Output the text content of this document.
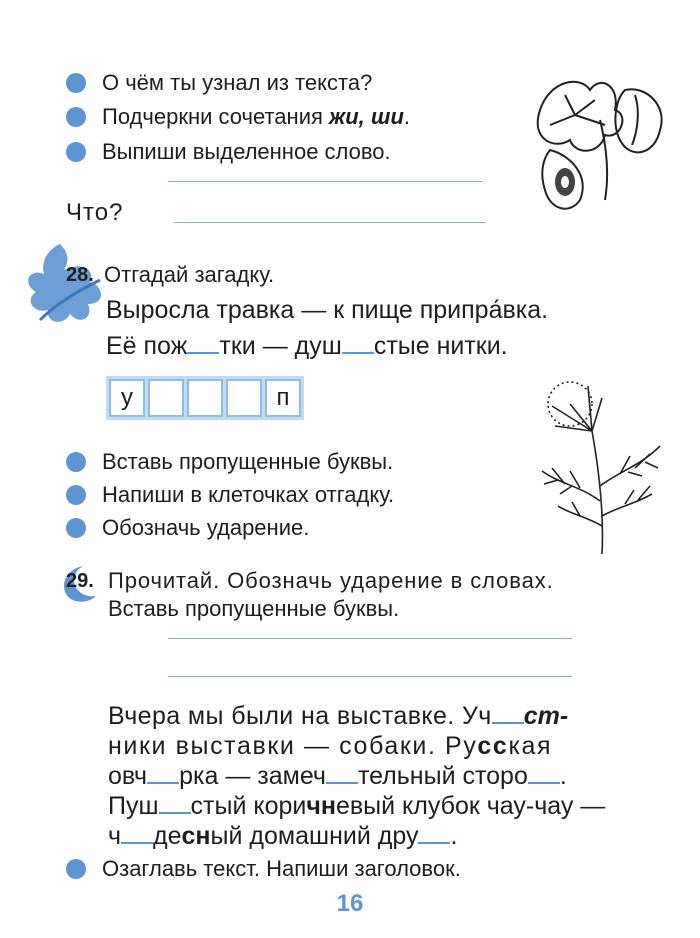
О чём ты узнал из текста?
Подчеркни сочетания жи, ши.
Выпиши выделенное слово.
Что?
28. Отгадай загадку.
Выросла травка — к пище припра́вка.
Её пож тки — душ стые нитки.
у	п
Вставь пропущенные буквы.
Напиши в клеточках отгадку.
Обозначь ударение.
29. Прочитай. Обозначь ударение в словах.
Вставь пропущенные буквы.
Вчера мы были на выставке. Уч ст-
ники выставки — собаки. Русская
овч рка — замеч тельный сторо .
Пуш стый коричневый клубок чау-чау —
ч десный домашний дру .
Озаглавь текст. Напиши заголовок.
16
